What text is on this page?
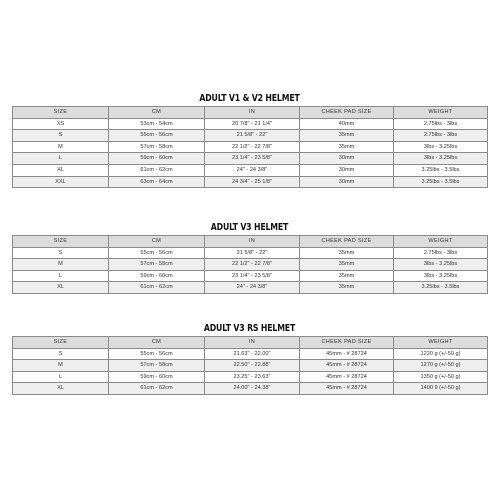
ADULT V1 & V2 HELMET
SIZE	CM	IN	CHEEK PAD SIZE	WEIGHT
XS	53cm - 54cm	20 7/8" - 21 1/4"	40mm	2.75lbs - 3lbs
S	55cm - 56cm	21 5/8" - 22"	35mm	2.75lbs - 3lbs
M	57cm - 58cm	22 1/2" - 22 7/8"	35mm	3lbs - 3.25lbs
L	59cm - 60cm	23 1/4" - 23 5/8"	30mm	3lbs - 3.25lbs
XL	61cm - 62cm	24" - 24 3/8"	30mm	3.25lbs - 3.5lbs
XXL	63cm - 64cm	24 3/4" - 25 1/8"	30mm	3.25lbs - 3.5lbs
ADULT V3 HELMET
SIZE	CM	IN	CHEEK PAD SIZE	WEIGHT
S	55cm - 56cm	21 5/8" - 22"	35mm	2.75lbs - 3lbs
M	57cm - 58cm	22 1/2" - 22 7/8"	35mm	3lbs - 3.25lbs
L	59cm - 60cm	23 1/4" - 23 5/8"	35mm	3lbs - 3.25lbs
XL	61cm - 62cm	24" - 24 3/8"	35mm	3.25lbs - 3.5lbs
ADULT V3 RS HELMET
SIZE	CM	IN	CHEEK PAD SIZE	WEIGHT
S	55cm - 56cm	21.63" - 22.00"	45mm - # 28724	1220 g (+/-50 g)
M	57cm - 58cm	22.50" - 22.88"	45mm - # 28724	1270 g (+/-50 g)
L	59cm - 60cm	23.25" - 23.63"	45mm - # 28724	1350 g (+/-50 g)
XL	61cm - 62cm	24.00" - 24.38"	45mm - # 28724	1400 9 (+/-50 g)
